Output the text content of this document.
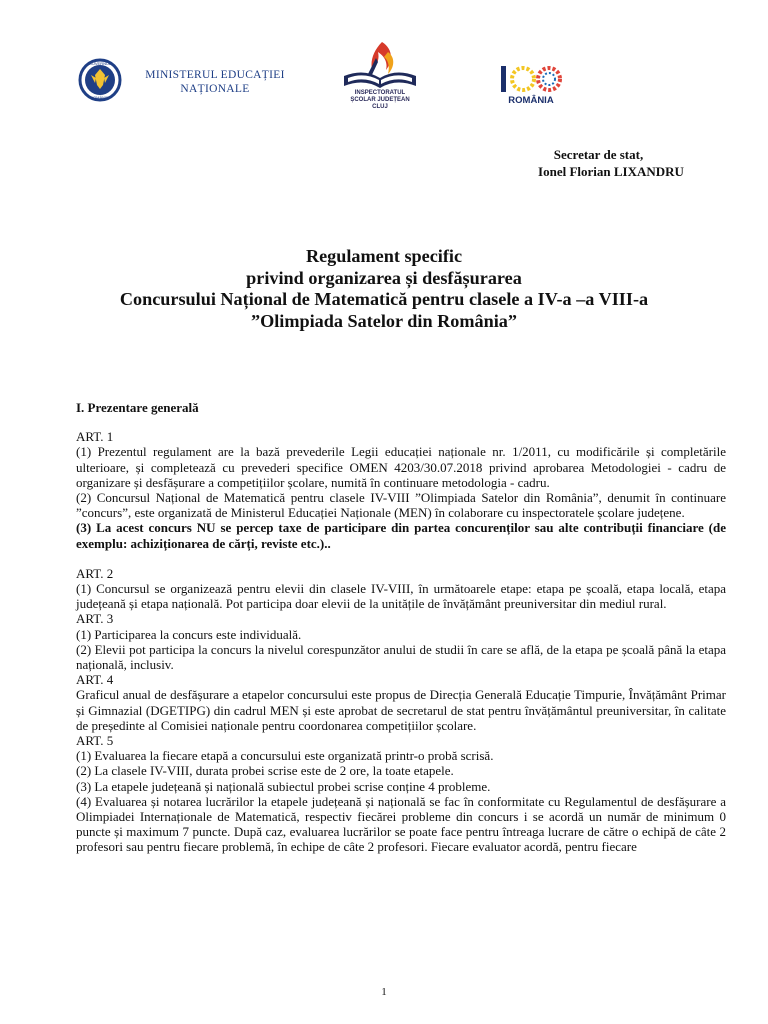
GUVERNUL
ROMÂNIEI
MINISTERUL EDUCAȚIEI
NAȚIONALE	INSPECTORATUL
ȘCOLAR JUDEȚEAN
CLUJ
100
ROMÂNIA
Secretar de stat,
Ionel Florian LIXANDRU
Regulament specific
privind organizarea și desfășurarea
Concursului Național de Matematică pentru clasele a IV-a –a VIII-a
”Olimpiada Satelor din România”
I. Prezentare generală
ART. 1

(1) Prezentul regulament are la bază prevederile Legii educației naționale nr. 1/2011, cu modificările și completările ulterioare, și completează cu prevederi specifice OMEN 4203/30.07.2018 privind aprobarea Metodologiei - cadru de organizare și desfășurare a competițiilor școlare, numită în continuare metodologia - cadru.

(2) Concursul Național de Matematică pentru clasele IV-VIII ”Olimpiada Satelor din România”, denumit în continuare ”concurs”, este organizată de Ministerul Educației Naționale (MEN) în colaborare cu inspectoratele școlare județene.

(3) La acest concurs NU se percep taxe de participare din partea concurenților sau alte contribuții financiare (de exemplu: achiziționarea de cărți, reviste etc.)..

ART. 2

(1) Concursul se organizează pentru elevii din clasele IV-VIII, în următoarele etape: etapa pe școală, etapa locală, etapa județeană și etapa națională. Pot participa doar elevii de la unitățile de învățământ preuniversitar din mediul rural.

ART. 3

(1) Participarea la concurs este individuală.

(2) Elevii pot participa la concurs la nivelul corespunzător anului de studii în care se află, de la etapa pe școală până la etapa națională, inclusiv.

ART. 4

Graficul anual de desfășurare a etapelor concursului este propus de Direcția Generală Educație Timpurie, Învățământ Primar și Gimnazial (DGETIPG) din cadrul MEN și este aprobat de secretarul de stat pentru învățământul preuniversitar, în calitate de președinte al Comisiei naționale pentru coordonarea competițiilor școlare.

ART. 5

(1) Evaluarea la fiecare etapă a concursului este organizată printr-o probă scrisă.

(2) La clasele IV-VIII, durata probei scrise este de 2 ore, la toate etapele.

(3) La etapele județeană și națională subiectul probei scrise conține 4 probleme.

(4) Evaluarea și notarea lucrărilor la etapele județeană și națională se fac în conformitate cu Regulamentul de desfășurare a Olimpiadei Internaționale de Matematică, respectiv fiecărei probleme din concurs i se acordă un număr de minimum 0 puncte și maximum 7 puncte. După caz, evaluarea lucrărilor se poate face pentru întreaga lucrare de către o echipă de câte 2 profesori sau pentru fiecare problemă, în echipe de câte 2 profesori. Fiecare evaluator acordă, pentru fiecare

1
